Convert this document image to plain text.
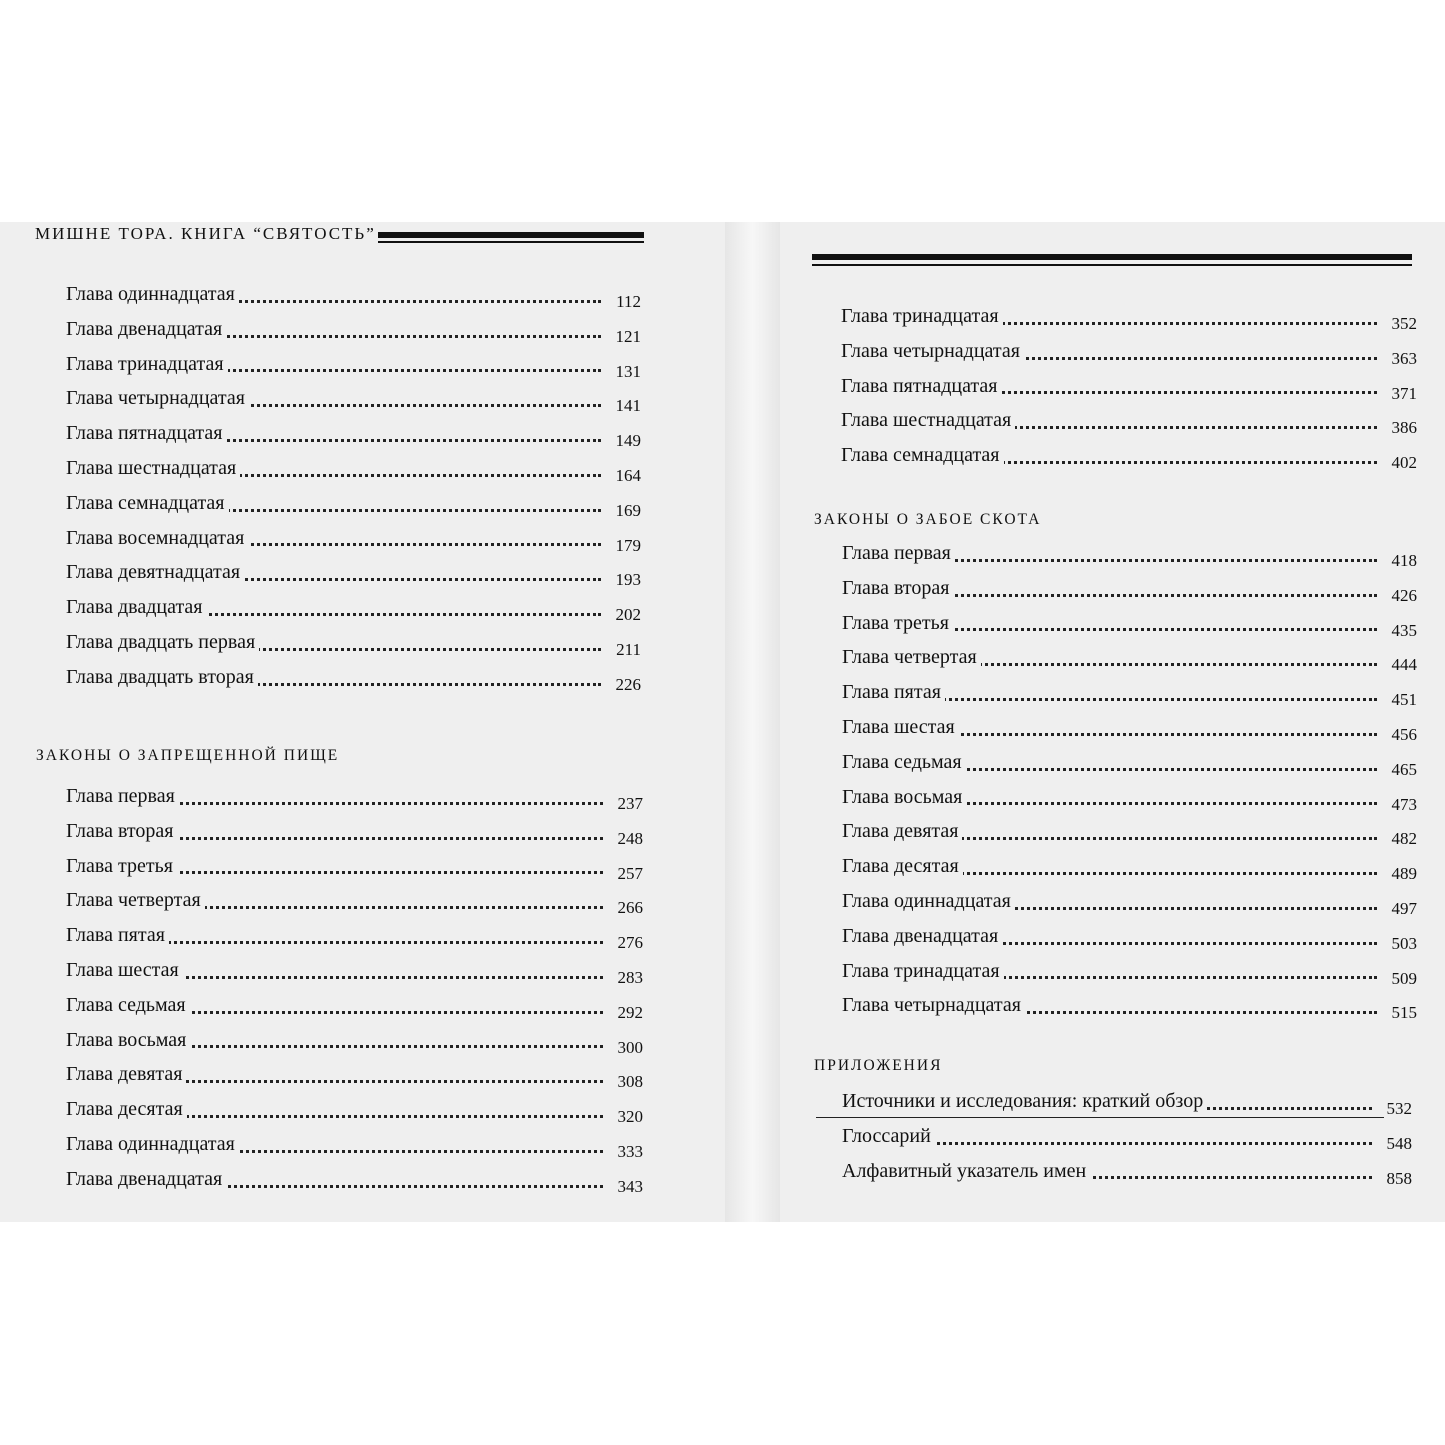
МИШНЕ ТОРА. КНИГА “СВЯТОСТЬ”
Глава одиннадцатая	112
Глава двенадцатая	121
Глава тринадцатая	131
Глава четырнадцатая	141
Глава пятнадцатая	149
Глава шестнадцатая	164
Глава семнадцатая	169
Глава восемнадцатая	179
Глава девятнадцатая	193
Глава двадцатая	202
Глава двадцать первая	211
Глава двадцать вторая	226
ЗАКОНЫ О ЗАПРЕЩЕННОЙ ПИЩЕ
Глава первая	237
Глава вторая	248
Глава третья	257
Глава четвертая	266
Глава пятая	276
Глава шестая	283
Глава седьмая	292
Глава восьмая	300
Глава девятая	308
Глава десятая	320
Глава одиннадцатая	333
Глава двенадцатая	343
Глава тринадцатая	352
Глава четырнадцатая	363
Глава пятнадцатая	371
Глава шестнадцатая	386
Глава семнадцатая	402
ЗАКОНЫ О ЗАБОЕ СКОТА
Глава первая	418
Глава вторая	426
Глава третья	435
Глава четвертая	444
Глава пятая	451
Глава шестая	456
Глава седьмая	465
Глава восьмая	473
Глава девятая	482
Глава десятая	489
Глава одиннадцатая	497
Глава двенадцатая	503
Глава тринадцатая	509
Глава четырнадцатая	515
ПРИЛОЖЕНИЯ
Источники и исследования: краткий обзор	532
Глоссарий	548
Алфавитный указатель имен	858
